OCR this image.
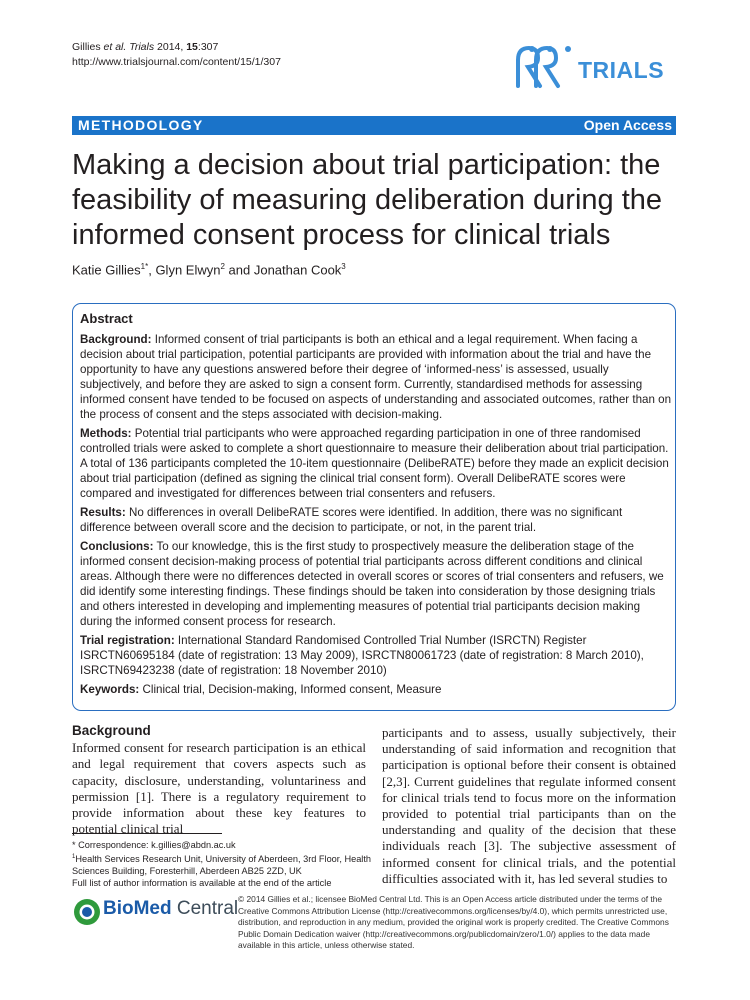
Gillies et al. Trials 2014, 15:307
http://www.trialsjournal.com/content/15/1/307	TRIALS
METHODOLOGY	Open Access
Making a decision about trial participation: the feasibility of measuring deliberation during the informed consent process for clinical trials
Katie Gillies$^{1*}$, Glyn Elwyn$^2$ and Jonathan Cook$^3$
Abstract

Background: Informed consent of trial participants is both an ethical and a legal requirement. When facing a decision about trial participation, potential participants are provided with information about the trial and have the opportunity to have any questions answered before their degree of ‘informed-ness’ is assessed, usually subjectively, and before they are asked to sign a consent form. Currently, standardised methods for assessing informed consent have tended to be focused on aspects of understanding and associated outcomes, rather than on the process of consent and the steps associated with decision-making.

Methods: Potential trial participants who were approached regarding participation in one of three randomised controlled trials were asked to complete a short questionnaire to measure their deliberation about trial participation. A total of 136 participants completed the 10-item questionnaire (DelibeRATE) before they made an explicit decision about trial participation (defined as signing the clinical trial consent form). Overall DelibeRATE scores were compared and investigated for differences between trial consenters and refusers.

Results: No differences in overall DelibeRATE scores were identified. In addition, there was no significant difference between overall score and the decision to participate, or not, in the parent trial.

Conclusions: To our knowledge, this is the first study to prospectively measure the deliberation stage of the informed consent decision-making process of potential trial participants across different conditions and clinical areas. Although there were no differences detected in overall scores or scores of trial consenters and refusers, we did identify some interesting findings. These findings should be taken into consideration by those designing trials and others interested in developing and implementing measures of potential trial participants decision making during the informed consent process for research.

Trial registration: International Standard Randomised Controlled Trial Number (ISRCTN) Register ISRCTN60695184 (date of registration: 13 May 2009), ISRCTN80061723 (date of registration: 8 March 2010), ISRCTN69423238 (date of registration: 18 November 2010)

Keywords: Clinical trial, Decision-making, Informed consent, Measure

Background

Informed consent for research participation is an ethical and legal requirement that covers aspects such as capacity, disclosure, understanding, voluntariness and permission [1]. There is a regulatory requirement to provide information about these key features to potential clinical trial

participants and to assess, usually subjectively, their understanding of said information and recognition that participation is optional before their consent is obtained [2,3]. Current guidelines that regulate informed consent for clinical trials tend to focus more on the information provided to potential trial participants than on the understanding and quality of the decision that these individuals reach [3]. The subjective assessment of informed consent for clinical trials, and the potential difficulties associated with it, has led several studies to

* Correspondence: k.gillies@abdn.ac.uk

$^1$Health Services Research Unit, University of Aberdeen, 3rd Floor, Health Sciences Building, Foresterhill, Aberdeen AB25 2ZD, UK

Full list of author information is available at the end of the article

BioMed Central © 2014 Gillies et al.; licensee BioMed Central Ltd. This is an Open Access article distributed under the terms of the Creative Commons Attribution License (http://creativecommons.org/licenses/by/4.0), which permits unrestricted use, distribution, and reproduction in any medium, provided the original work is properly credited. The Creative Commons Public Domain Dedication waiver (http://creativecommons.org/publicdomain/zero/1.0/) applies to the data made available in this article, unless otherwise stated.
